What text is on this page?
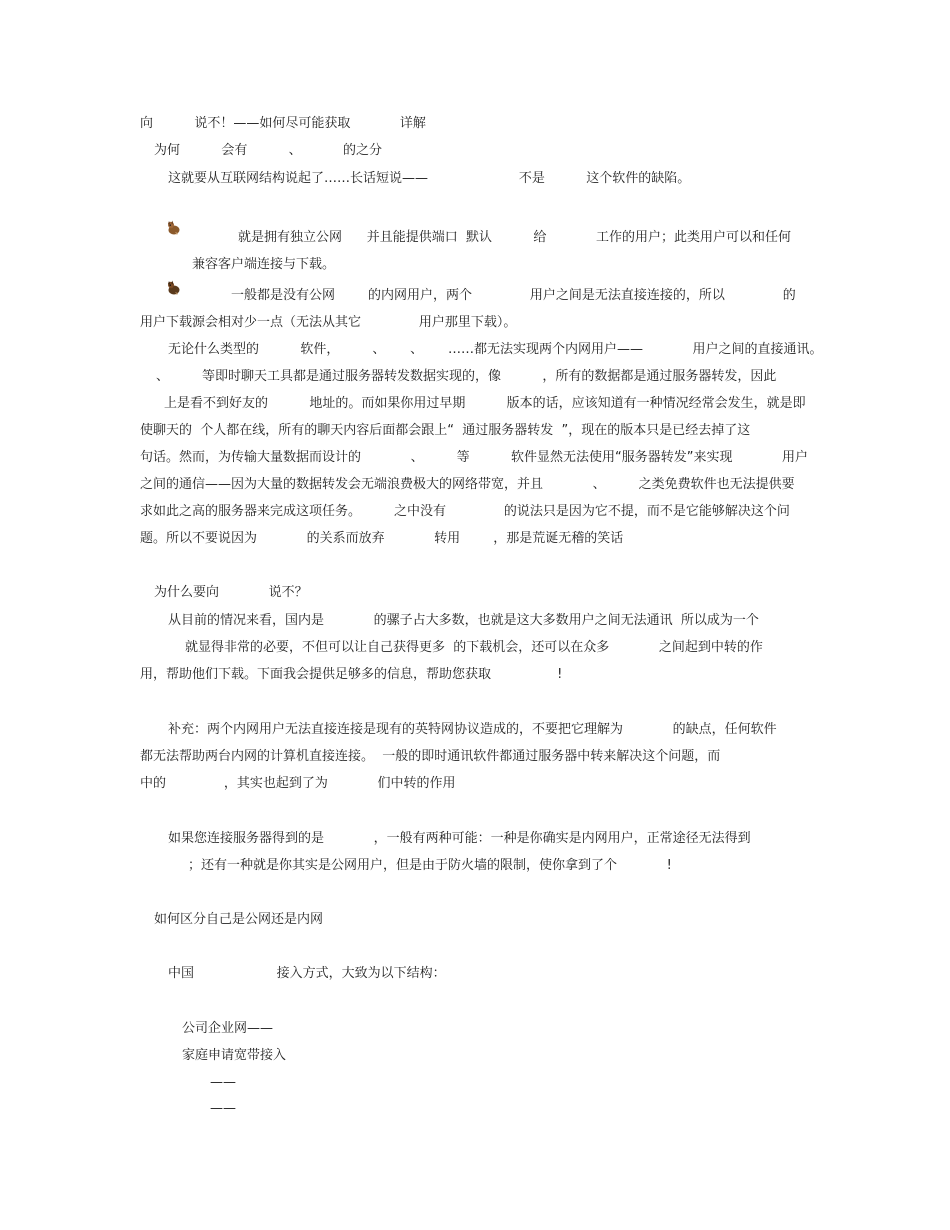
向          说不！——如何尽可能获取            详解
为何          会有          、          的之分
这就要从互联网结构说起了……长话短说——                      不是          这个软件的缺陷。
就是拥有独立公网      并且能提供端口  默认          给            工作的用户；此类用户可以和任何
兼容客户端连接与下载。
一般都是没有公网        的内网用户，两个              用户之间是无法直接连接的，所以              的
用户下载源会相对少一点（无法从其它              用户那里下载）。
无论什么类型的          软件，        、      、      ……都无法实现两个内网用户——            用户之间的直接通讯。
、        等即时聊天工具都是通过服务器转发数据实现的，像          ，所有的数据都是通过服务器转发，因此
上是看不到好友的          地址的。而如果你用过早期          版本的话，应该知道有一种情况经常会发生，就是即
使聊天的  个人都在线，所有的聊天内容后面都会跟上“  通过服务器转发  ”，现在的版本只是已经去掉了这
句话。然而，为传输大量数据而设计的            、        等          软件显然无法使用“服务器转发”来实现            用户
之间的通信——因为大量的数据转发会无端浪费极大的网络带宽，并且            、        之类免费软件也无法提供要
求如此之高的服务器来完成这项任务。        之中没有              的说法只是因为它不提，而不是它能够解决这个问
题。所以不要说因为            的关系而放弃            转用        ，那是荒诞无稽的笑话
为什么要向            说不？
从目前的情况来看，国内是            的骡子占大多数，也就是这大多数用户之间无法通讯  所以成为一个
就显得非常的必要，不但可以让自己获得更多  的下载机会，还可以在众多            之间起到中转的作
用，帮助他们下载。下面我会提供足够多的信息，帮助您获取                !
补充：两个内网用户无法直接连接是现有的英特网协议造成的，不要把它理解为            的缺点，任何软件
都无法帮助两台内网的计算机直接连接。  一般的即时通讯软件都通过服务器中转来解决这个问题，而
中的              ，其实也起到了为            们中转的作用
如果您连接服务器得到的是            ，一般有两种可能：一种是你确实是内网用户，正常途径无法得到
；还有一种就是你其实是公网用户，但是由于防火墙的限制，使你拿到了个            !
如何区分自己是公网还是内网
中国                    接入方式，大致为以下结构：
公司企业网——
家庭申请宽带接入
——
——
